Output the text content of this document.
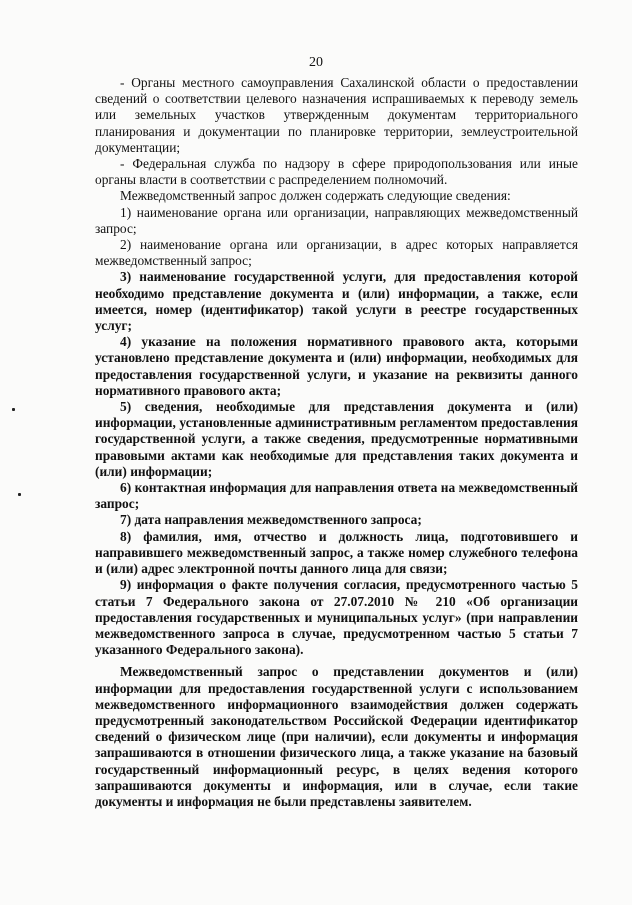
20

- Органы местного самоуправления Сахалинской области о предоставлении сведений о соответствии целевого назначения испрашиваемых к переводу земель или земельных участков утвержденным документам территориального планирования и документации по планировке территории, землеустроительной документации;

- Федеральная служба по надзору в сфере природопользования или иные органы власти в соответствии с распределением полномочий.

Межведомственный запрос должен содержать следующие сведения:

1) наименование органа или организации, направляющих межведомственный запрос;

2) наименование органа или организации, в адрес которых направляется межведомственный запрос;

3) наименование государственной услуги, для предоставления которой необходимо представление документа и (или) информации, а также, если имеется, номер (идентификатор) такой услуги в реестре государственных услуг;

4) указание на положения нормативного правового акта, которыми установлено представление документа и (или) информации, необходимых для предоставления государственной услуги, и указание на реквизиты данного нормативного правового акта;

5) сведения, необходимые для представления документа и (или) информации, установленные административным регламентом предоставления государственной услуги, а также сведения, предусмотренные нормативными правовыми актами как необходимые для представления таких документа и (или) информации;

6) контактная информация для направления ответа на межведомственный запрос;

7) дата направления межведомственного запроса;

8) фамилия, имя, отчество и должность лица, подготовившего и направившего межведомственный запрос, а также номер служебного телефона и (или) адрес электронной почты данного лица для связи;

9) информация о факте получения согласия, предусмотренного частью 5 статьи 7 Федерального закона от 27.07.2010 № 210 «Об организации предоставления государственных и муниципальных услуг» (при направлении межведомственного запроса в случае, предусмотренном частью 5 статьи 7 указанного Федерального закона).

Межведомственный запрос о представлении документов и (или) информации для предоставления государственной услуги с использованием межведомственного информационного взаимодействия должен содержать предусмотренный законодательством Российской Федерации идентификатор сведений о физическом лице (при наличии), если документы и информация запрашиваются в отношении физического лица, а также указание на базовый государственный информационный ресурс, в целях ведения которого запрашиваются документы и информация, или в случае, если такие документы и информация не были представлены заявителем.
